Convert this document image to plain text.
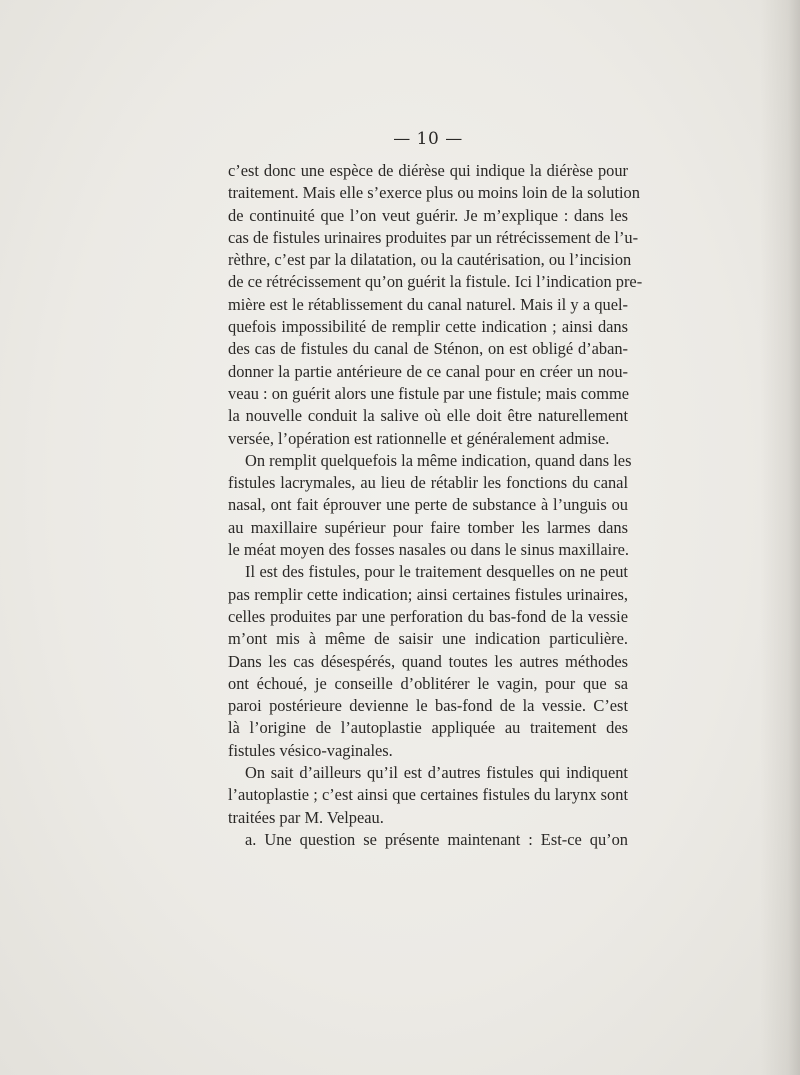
— 10 —
c’est donc une espèce de diérèse qui indique la diérèse pour
traitement. Mais elle s’exerce plus ou moins loin de la solution
de continuité que l’on veut guérir. Je m’explique : dans les
cas de fistules urinaires produites par un rétrécissement de l’u-
rèthre, c’est par la dilatation, ou la cautérisation, ou l’incision
de ce rétrécissement qu’on guérit la fistule. Ici l’indication pre-
mière est le rétablissement du canal naturel. Mais il y a quel-
quefois impossibilité de remplir cette indication ; ainsi dans
des cas de fistules du canal de Sténon, on est obligé d’aban-
donner la partie antérieure de ce canal pour en créer un nou-
veau : on guérit alors une fistule par une fistule; mais comme
la nouvelle conduit la salive où elle doit être naturellement
versée, l’opération est rationnelle et généralement admise.
On remplit quelquefois la même indication, quand dans les
fistules lacrymales, au lieu de rétablir les fonctions du canal
nasal, ont fait éprouver une perte de substance à l’unguis ou
au maxillaire supérieur pour faire tomber les larmes dans
le méat moyen des fosses nasales ou dans le sinus maxillaire.
Il est des fistules, pour le traitement desquelles on ne peut
pas remplir cette indication; ainsi certaines fistules urinaires,
celles produites par une perforation du bas-fond de la vessie
m’ont mis à même de saisir une indication particulière.
Dans les cas désespérés, quand toutes les autres méthodes
ont échoué, je conseille d’oblitérer le vagin, pour que sa
paroi postérieure devienne le bas-fond de la vessie. C’est
là l’origine de l’autoplastie appliquée au traitement des
fistules vésico-vaginales.
On sait d’ailleurs qu’il est d’autres fistules qui indiquent
l’autoplastie ; c’est ainsi que certaines fistules du larynx sont
traitées par M. Velpeau.
a. Une question se présente maintenant : Est-ce qu’on
